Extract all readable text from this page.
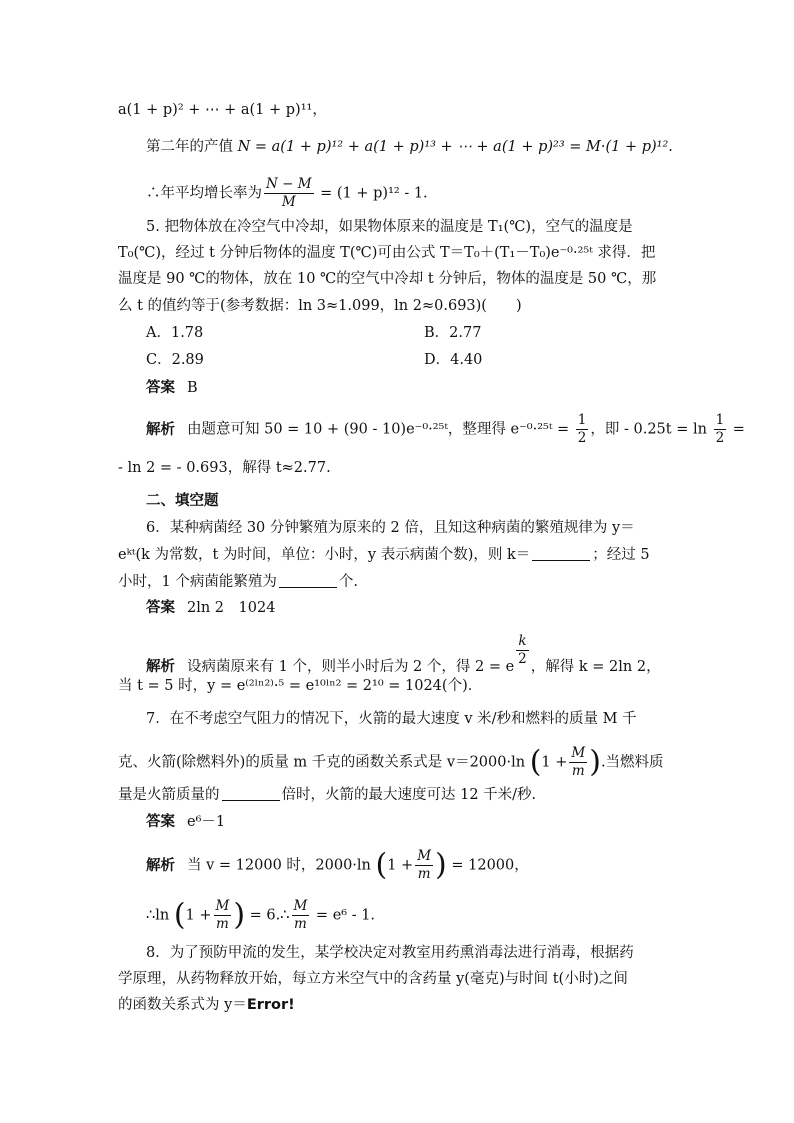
a(1 + p)² + ⋯ + a(1 + p)¹¹，
第二年的产值 N = a(1 + p)¹² + a(1 + p)¹³ + ⋯ + a(1 + p)²³ = M·(1 + p)¹².
∴年平均增长率为 $\frac{N - M}{M} = (1 + p)^{12} - 1$.
5. 把物体放在冷空气中冷却，如果物体原来的温度是 T₁(℃)，空气的温度是
T₀(℃)，经过 t 分钟后物体的温度 T(℃)可由公式 T＝T₀＋(T₁－T₀)e⁻⁰·²⁵ᵗ 求得．把
温度是 90 ℃的物体，放在 10 ℃的空气中冷却 t 分钟后，物体的温度是 50 ℃，那
么 t 的值约等于(参考数据：ln 3≈1.099，ln 2≈0.693)(　　)
A．1.78	B．2.77
C．2.89	D．4.40
答案 B
解析 由题意可知 50 = 10 + (90 - 10)e⁻⁰·²⁵ᵗ，整理得 e⁻⁰·²⁵ᵗ = $\frac{1}{2}$ ，即 - $0.25t = \ln \frac{1}{2}$ =
- ln 2 = - 0.693，解得 t≈2.77.
二、填空题
6．某种病菌经 30 分钟繁殖为原来的 2 倍，且知这种病菌的繁殖规律为 y＝
eᵏᵗ(k 为常数，t 为时间，单位：小时，y 表示病菌个数)，则 k＝	；经过 5
小时，1 个病菌能繁殖为	个.
答案 2ln 2　1024
解析 设病菌原来有 1 个，则半小时后为 2 个，得 2 = e $\frac{k}{2}$ ，解得 k = 2ln 2，
当 t = 5 时，y = e⁽²ˡⁿ²⁾·⁵ = e¹⁰ˡⁿ² = 2¹⁰ = 1024(个)．
7．在不考虑空气阻力的情况下，火箭的最大速度 v 米/秒和燃料的质量 M 千
克、火箭(除燃料外)的质量 m 千克的函数关系式是 v＝2000·ln ($1 + \frac{M}{m}$ ).当燃料质
量是火箭质量的	倍时，火箭的最大速度可达 12 千米/秒.
答案 e⁶－1
解析 当 v = 12000 时，2000·ln ($1 + \frac{M}{m}$ ) = 12000，
∴ln ($1 + \frac{M}{m}$ ) = 6.∴ $\frac{M}{m} = e^6 - 1$.
8．为了预防甲流的发生，某学校决定对教室用药熏消毒法进行消毒，根据药
学原理，从药物释放开始，每立方米空气中的含药量 y(毫克)与时间 t(小时)之间
的函数关系式为 y＝Error!
